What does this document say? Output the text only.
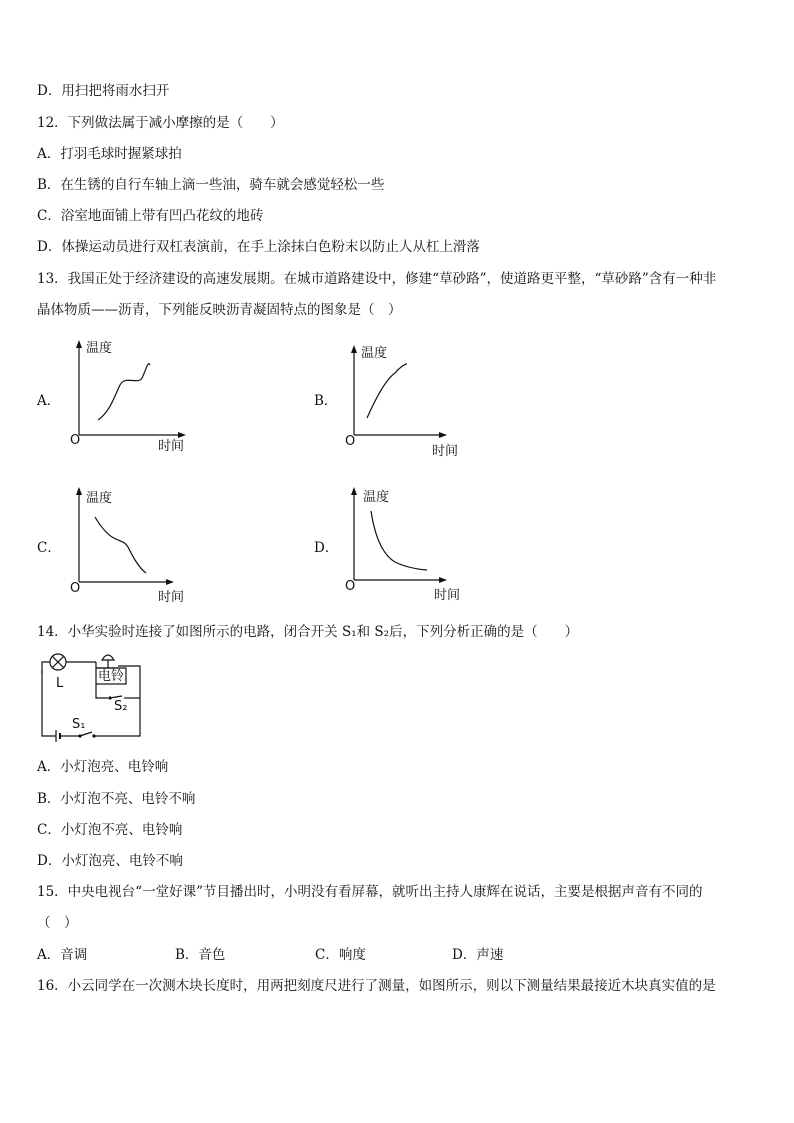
D．用扫把将雨水扫开
12．下列做法属于减小摩擦的是（　　）
A．打羽毛球时握紧球拍
B．在生锈的自行车轴上滴一些油，骑车就会感觉轻松一些
C．浴室地面铺上带有凹凸花纹的地砖
D．体操运动员进行双杠表演前，在手上涂抹白色粉末以防止人从杠上滑落
13．我国正处于经济建设的高速发展期。在城市道路建设中，修建“草砂路”，使道路更平整，“草砂路”含有一种非
晶体物质——沥青，下列能反映沥青凝固特点的图象是（　）
A．
温度
O	时间
B．
温度
O
时间
C．
温度
O
时间
D．
温度
O
时间
14．小华实验时连接了如图所示的电路，闭合开关 S₁和 S₂后，下列分析正确的是（　　）
L	电铃
S₂
S₁
A．小灯泡亮、电铃响
B．小灯泡不亮、电铃不响
C．小灯泡不亮、电铃响
D．小灯泡亮、电铃不响
15．中央电视台“一堂好课”节目播出时，小明没有看屏幕，就听出主持人康辉在说话，主要是根据声音有不同的
（　）
A．音调	B．音色	C．响度	D．声速
16．小云同学在一次测木块长度时，用两把刻度尺进行了测量，如图所示，则以下测量结果最接近木块真实值的是
